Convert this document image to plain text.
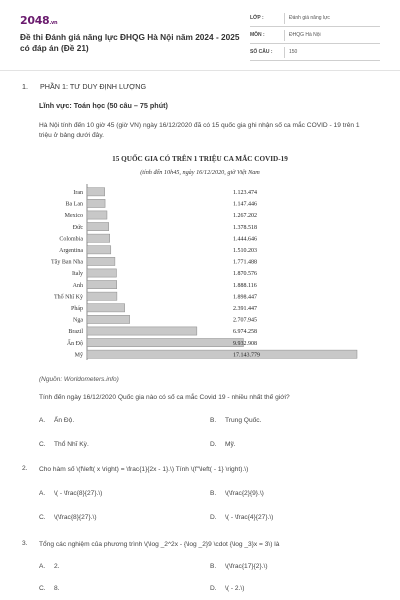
2048.vn
Đề thi Đánh giá năng lực ĐHQG Hà Nội năm 2024 - 2025 có đáp án (Đề 21)
LỚP :	Đánh giá năng lực
MÔN :	ĐHQG Hà Nội
SỐ CÂU :	150
1. PHẦN 1: TƯ DUY ĐỊNH LƯỢNG
Lĩnh vực: Toán học (50 câu – 75 phút)
Hà Nội tính đến 10 giờ 45 (giờ VN) ngày 16/12/2020 đã có 15 quốc gia ghi nhận số ca mắc COVID - 19 trên 1 triệu ở bảng dưới đây.
15 QUỐC GIA CÓ TRÊN 1 TRIỆU CA MẮC COVID-19
(tính đến 10h45, ngày 16/12/2020, giờ Việt Nam
Iran	1.123.474
Ba Lan	1.147.446
Mexico	1.267.202
Đức	1.378.518
Colombia	1.444.646
Argentina	1.510.203
Tây Ban Nha	1.771.488
Italy	1.870.576
Anh	1.888.116
Thổ Nhĩ Kỳ	1.898.447
Pháp	2.391.447
Nga	2.707.945
Brazil	6.974.258
Ấn Độ	9.932.908
Mỹ	17.143.779
(Nguồn: Worldometers.info)
Tính đến ngày 16/12/2020 Quốc gia nào có số ca mắc Covid 19 - nhiều nhất thế giới?
A. Ấn Độ.	B. Trung Quốc.
C. Thổ Nhĩ Kỳ.	D. Mỹ.
2. Cho hàm số \(f\left( x \right) = \frac{1}{2x - 1}.\) Tính \(f''\left( - 1} \right).\)
A. \( - \frac{8}{27}.\)	B. \(\frac{2}{9}.\)
C. \(\frac{8}{27}.\)	D. \( - \frac{4}{27}.\)
3. Tổng các nghiệm của phương trình \(\log _2^2x - {\log _2}9 \cdot {\log _3}x = 3\) là
A. 2.	B. \(\frac{17}{2}.\)
C. 8.	D. \( - 2.\)
